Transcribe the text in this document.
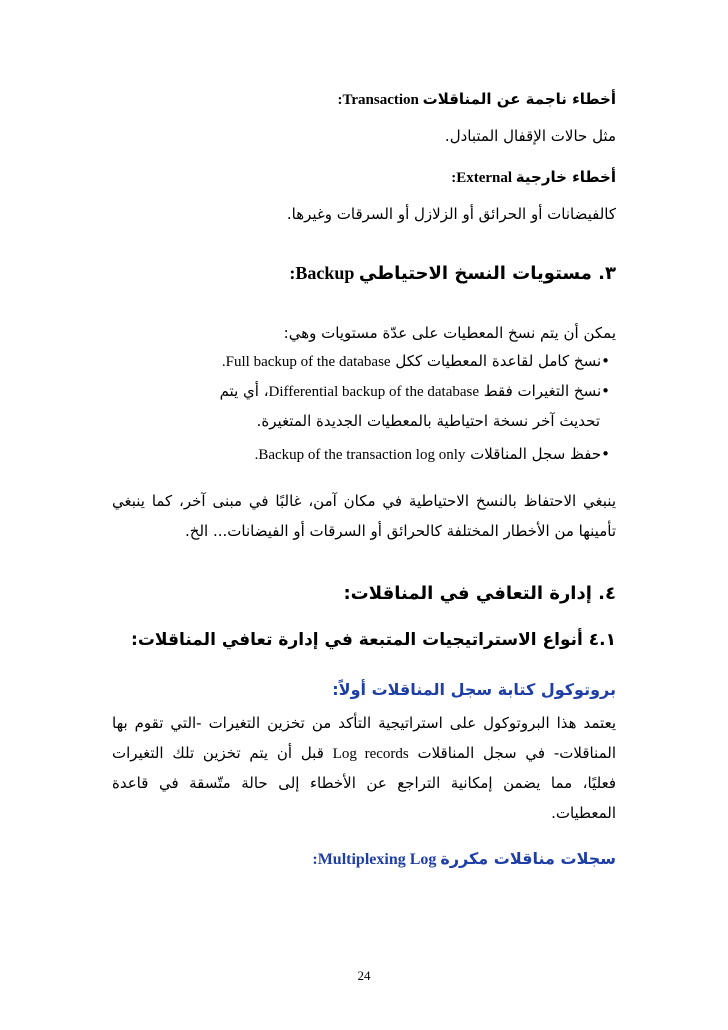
أخطاء ناجمة عن المناقلات Transaction:
مثل حالات الإقفال المتبادل.
أخطاء خارجية External:
كالفيضانات أو الحرائق أو الزلازل أو السرقات وغيرها.
٣. مستويات النسخ الاحتياطي Backup:
يمكن أن يتم نسخ المعطيات على عدّة مستويات وهي:
•نسخ كامل لقاعدة المعطيات ككل Full backup of the database.
•نسخ التغيرات فقط Differential backup of the database، أي يتم
تحديث آخر نسخة احتياطية بالمعطيات الجديدة المتغيرة.
•حفظ سجل المناقلات Backup of the transaction log only.
ينبغي الاحتفاظ بالنسخ الاحتياطية في مكان آمن، غالبًا في مبنى آخر، كما ينبغي
تأمينها من الأخطار المختلفة كالحرائق أو السرقات أو الفيضانات... الخ.
٤. إدارة التعافي في المناقلات:
٤.١ أنواع الاستراتيجيات المتبعة في إدارة تعافي المناقلات:
بروتوكول كتابة سجل المناقلات أولاً:
يعتمد هذا البروتوكول على استراتيجية التأكد من تخزين التغيرات -التي تقوم بها
المناقلات- في سجل المناقلات Log records قبل أن يتم تخزين تلك التغيرات
فعليًا، مما يضمن إمكانية التراجع عن الأخطاء إلى حالة متّسقة في قاعدة
المعطيات.
سجلات مناقلات مكررة Multiplexing Log:
24
